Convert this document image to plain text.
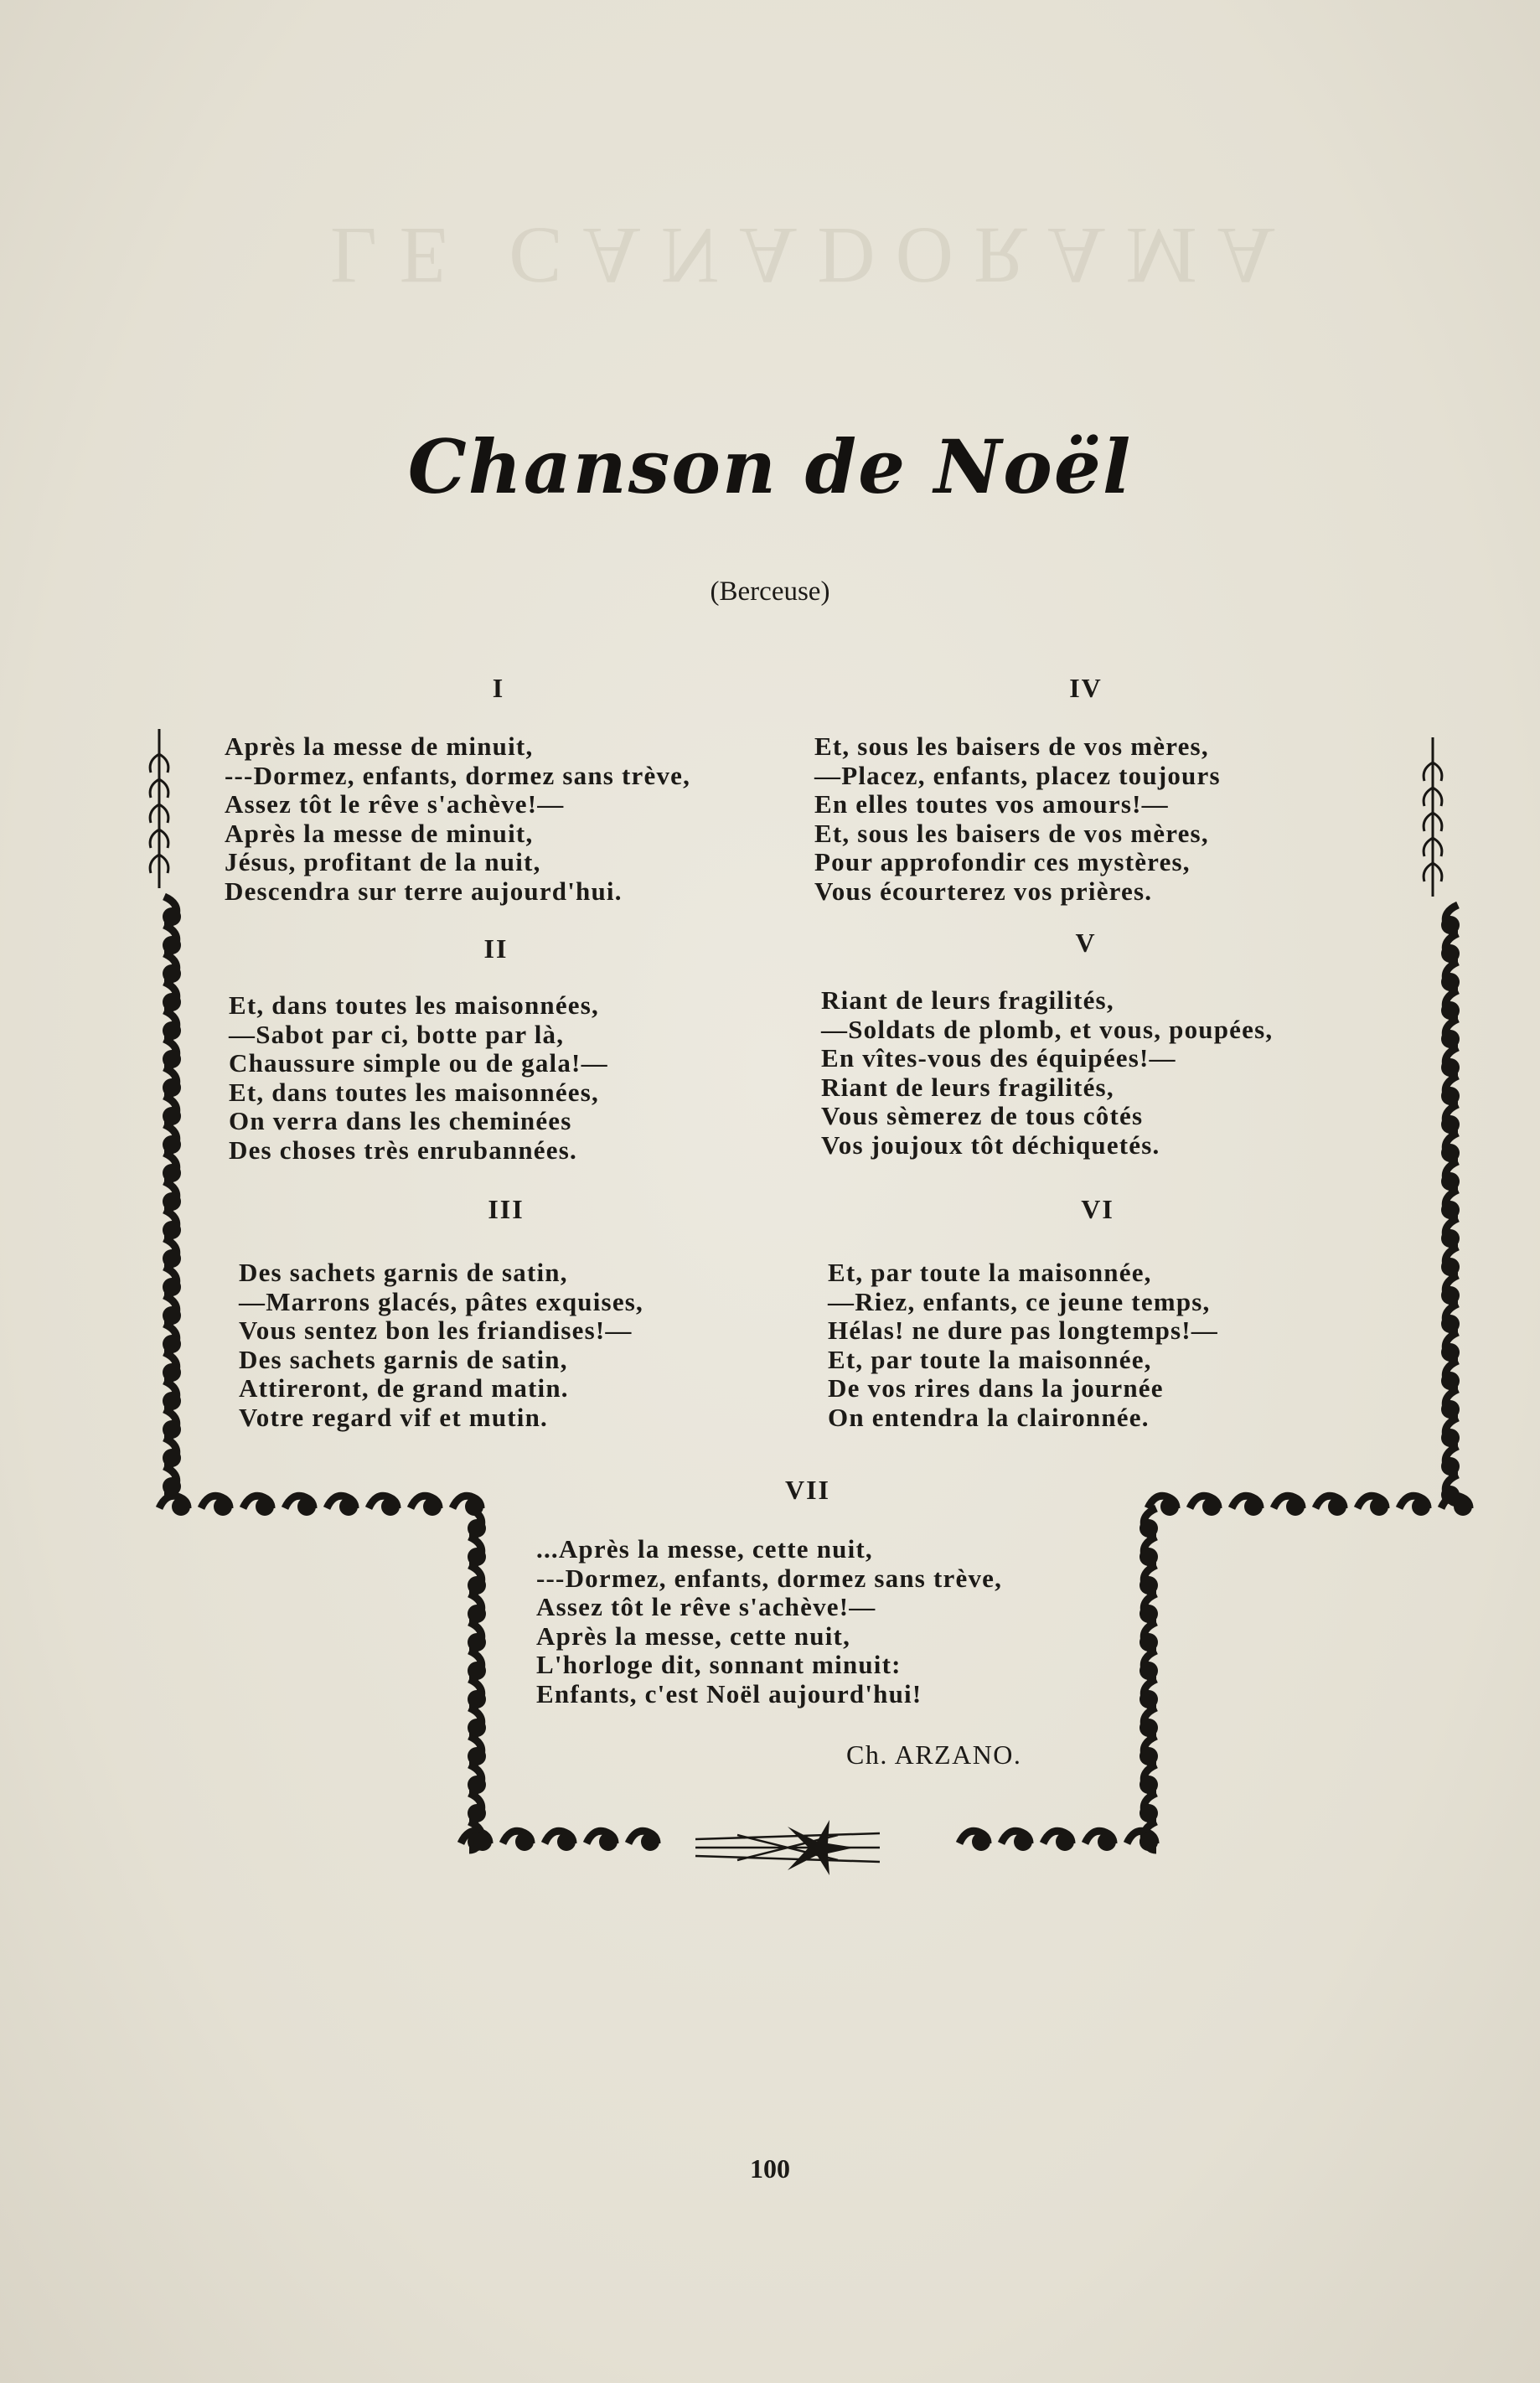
LE CANADORAMA
Chanson de Noël
(Berceuse)
I
Après la messe de minuit,
---Dormez, enfants, dormez sans trève,
Assez tôt le rêve s'achève!—
Après la messe de minuit,
Jésus, profitant de la nuit,
Descendra sur terre aujourd'hui.
II
Et, dans toutes les maisonnées,
—Sabot par ci, botte par là,
Chaussure simple ou de gala!—
Et, dans toutes les maisonnées,
On verra dans les cheminées
Des choses très enrubannées.
III
Des sachets garnis de satin,
—Marrons glacés, pâtes exquises,
Vous sentez bon les friandises!—
Des sachets garnis de satin,
Attireront, de grand matin.
Votre regard vif et mutin.
IV
Et, sous les baisers de vos mères,
—Placez, enfants, placez toujours
En elles toutes vos amours!—
Et, sous les baisers de vos mères,
Pour approfondir ces mystères,
Vous écourterez vos prières.
V
Riant de leurs fragilités,
—Soldats de plomb, et vous, poupées,
En vîtes-vous des équipées!—
Riant de leurs fragilités,
Vous sèmerez de tous côtés
Vos joujoux tôt déchiquetés.
VI
Et, par toute la maisonnée,
—Riez, enfants, ce jeune temps,
Hélas! ne dure pas longtemps!—
Et, par toute la maisonnée,
De vos rires dans la journée
On entendra la claironnée.
VII
...Après la messe, cette nuit,
---Dormez, enfants, dormez sans trève,
Assez tôt le rêve s'achève!—
Après la messe, cette nuit,
L'horloge dit, sonnant minuit:
Enfants, c'est Noël aujourd'hui!
Ch. ARZANO.
100
